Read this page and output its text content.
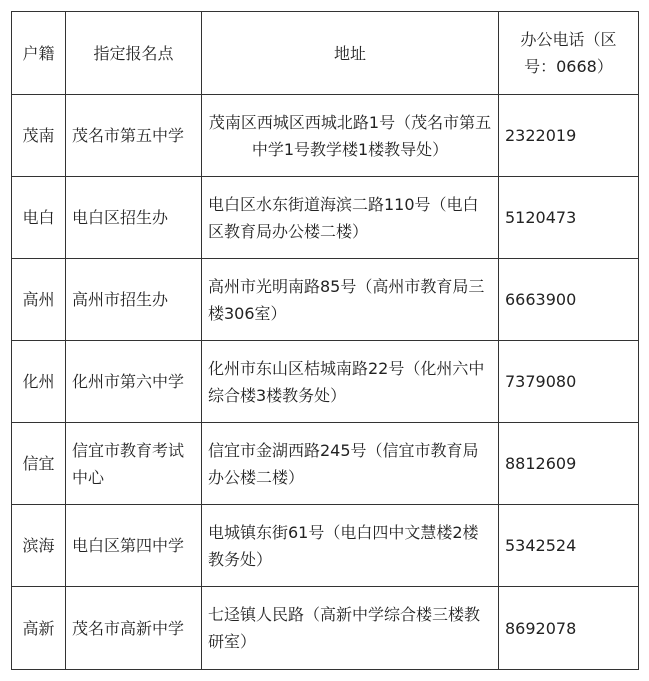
户籍	指定报名点	地址	办公电话（区号：0668）
茂南	茂名市第五中学	茂南区西城区西城北路1号（茂名市第五中学1号教学楼1楼教导处）	2322019
电白	电白区招生办	电白区水东街道海滨二路110号（电白区教育局办公楼二楼）	5120473
高州	高州市招生办	高州市光明南路85号（高州市教育局三楼306室）	6663900
化州	化州市第六中学	化州市东山区桔城南路22号（化州六中综合楼3楼教务处）	7379080
信宜	信宜市教育考试中心	信宜市金湖西路245号（信宜市教育局办公楼二楼）	8812609
滨海	电白区第四中学	电城镇东街61号（电白四中文慧楼2楼教务处）	5342524
高新	茂名市高新中学	七迳镇人民路（高新中学综合楼三楼教研室）	8692078
